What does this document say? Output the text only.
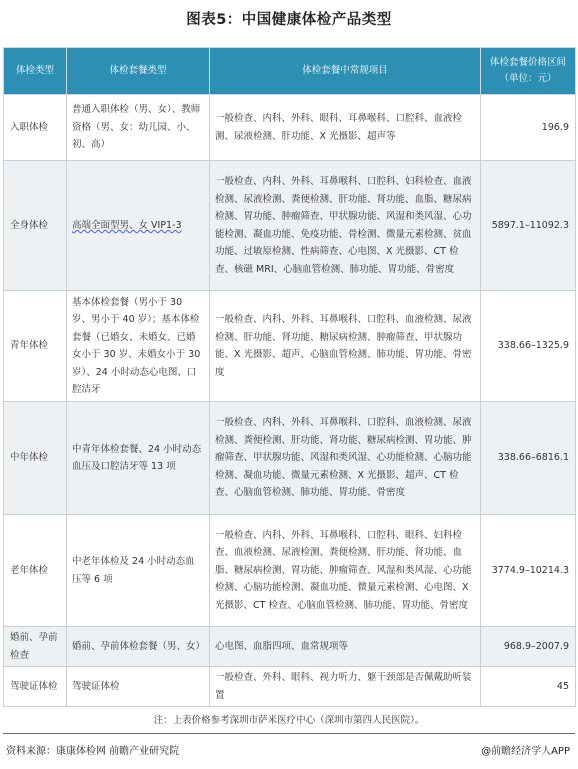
图表5：中国健康体检产品类型
体检类型	体检套餐类型	体检套餐中常规项目	体检套餐价格区间（单位：元）
入职体检	普通入职体检（男、女）、教师资格（男、女：幼儿园、小、初、高）	一般检查、内科、外科、眼科、耳鼻喉科、口腔科、血液检测、尿液检测、肝功能、X 光摄影、超声等	196.9
全身体检	高端全面型男、女 VIP1-3	一般检查、内科、外科、耳鼻喉科、口腔科、妇科检查、血液检测、尿液检测、粪便检测、肝功能、肾功能、血脂、糖尿病检测、胃功能、肿瘤筛查、甲状腺功能、风湿和类风湿、心功能检测、凝血功能、免疫功能、骨检测、微量元素检测、贫血功能、过敏原检测、性病筛查、心电图、X 光摄影、CT 检查、核磁 MRI、心脑血管检测、肺功能、胃功能、骨密度	5897.1–11092.3
青年体检	基本体检套餐（男小于 30 岁、男小于 40 岁）；基本体检套餐（已婚女、未婚女、已婚女小于 30 岁、未婚女小于 30 岁）、24 小时动态心电图、口腔洁牙	一般检查、内科、外科、耳鼻喉科、口腔科、血液检测、尿液检测、肝功能、肾功能、糖尿病检测、肿瘤筛查、甲状腺功能、X 光摄影、超声、心脑血管检测、肺功能、胃功能、骨密度	338.66–1325.9
中年体检	中青年体检套餐、24 小时动态血压及口腔洁牙等 13 项	一般检查、内科、外科、耳鼻喉科、口腔科、血液检测、尿液检测、粪便检测、肝功能、肾功能、糖尿病检测、胃功能、肿瘤筛查、甲状腺功能、风湿和类风湿、心功能检测、心脑功能检测、凝血功能、微量元素检测、X 光摄影、超声、CT 检查、心脑血管检测、肺功能、胃功能、骨密度	338.66–6816.1
老年体检	中老年体检及 24 小时动态血压等 6 项	一般检查、内科、外科、耳鼻喉科、口腔科、眼科、妇科检查、血液检测、尿液检测、粪便检测、肝功能、肾功能、血脂、糖尿病检测、胃功能、肿瘤筛查、风湿和类风湿、心功能检测、心脑功能检测、凝血功能、微量元素检测、心电图、X 光摄影、CT 检查、心脑血管检测、肺功能、胃功能、骨密度	3774.9–10214.3
婚前、孕前检查	婚前、孕前体检套餐（男、女）	心电图、血脂四项、血常规项等	968.9–2007.9
驾驶证体检	驾驶证体检	一般检查、外科、眼科、视力听力、躯干颈部是否佩戴助听装置	45
注：上表价格参考深圳市萨米医疗中心（深圳市第四人民医院）。
资料来源：康康体检网 前瞻产业研究院	@前瞻经济学人APP
